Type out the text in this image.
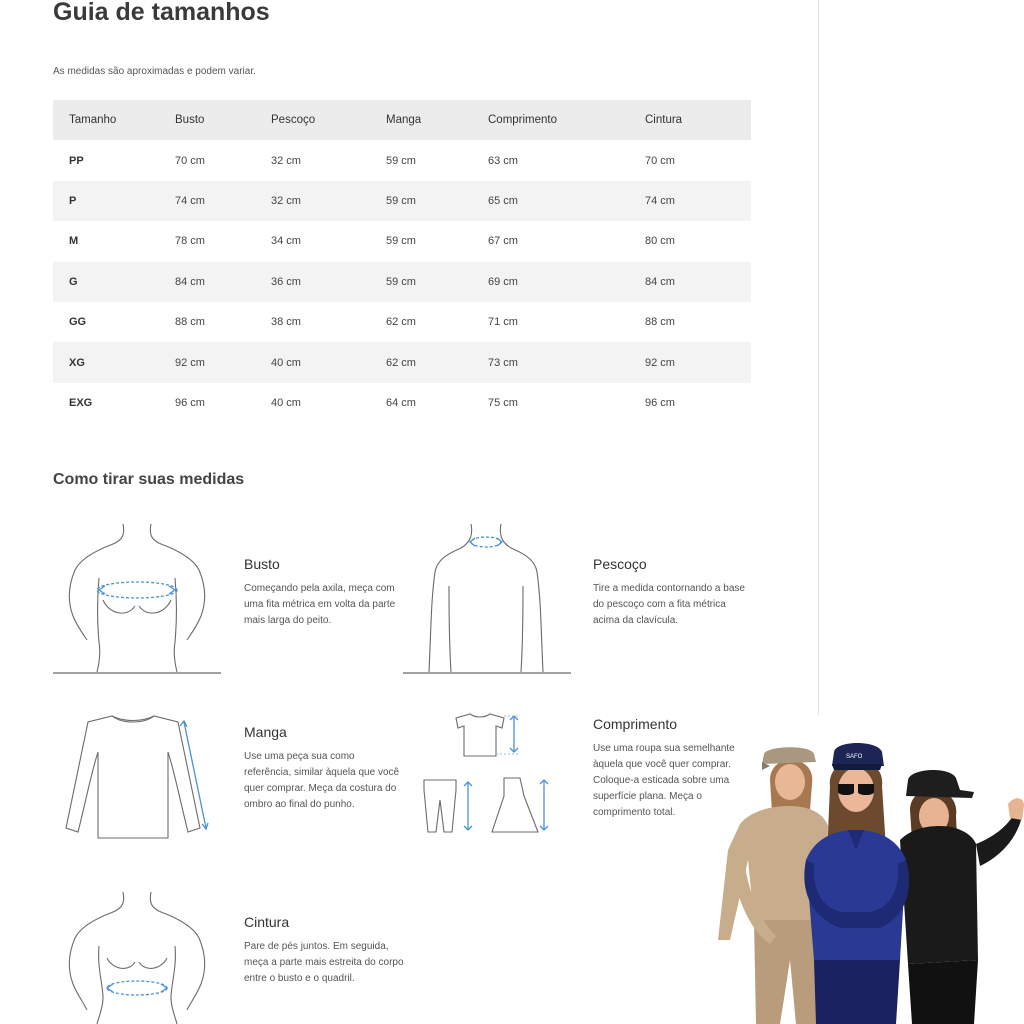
Guia de tamanhos

As medidas são aproximadas e podem variar.

Tamanho	Busto	Pescoço	Manga	Comprimento	Cintura
PP	70 cm	32 cm	59 cm	63 cm	70 cm
P	74 cm	32 cm	59 cm	65 cm	74 cm
M	78 cm	34 cm	59 cm	67 cm	80 cm
G	84 cm	36 cm	59 cm	69 cm	84 cm
GG	88 cm	38 cm	62 cm	71 cm	88 cm
XG	92 cm	40 cm	62 cm	73 cm	92 cm
EXG	96 cm	40 cm	64 cm	75 cm	96 cm
Como tirar suas medidas
Busto
Começando pela axila, meça com uma fita métrica em volta da parte mais larga do peito.
Pescoço
Tire a medida contornando a base do pescoço com a fita métrica acima da clavícula.
Manga
Use uma peça sua como referência, similar àquela que você quer comprar. Meça da costura do ombro ao final do punho.
Comprimento
Use uma roupa sua semelhante àquela que você quer comprar. Coloque-a esticada sobre uma superfície plana. Meça o comprimento total.
Cintura
Pare de pés juntos. Em seguida, meça a parte mais estreita do corpo entre o busto e o quadril.
SAFO
